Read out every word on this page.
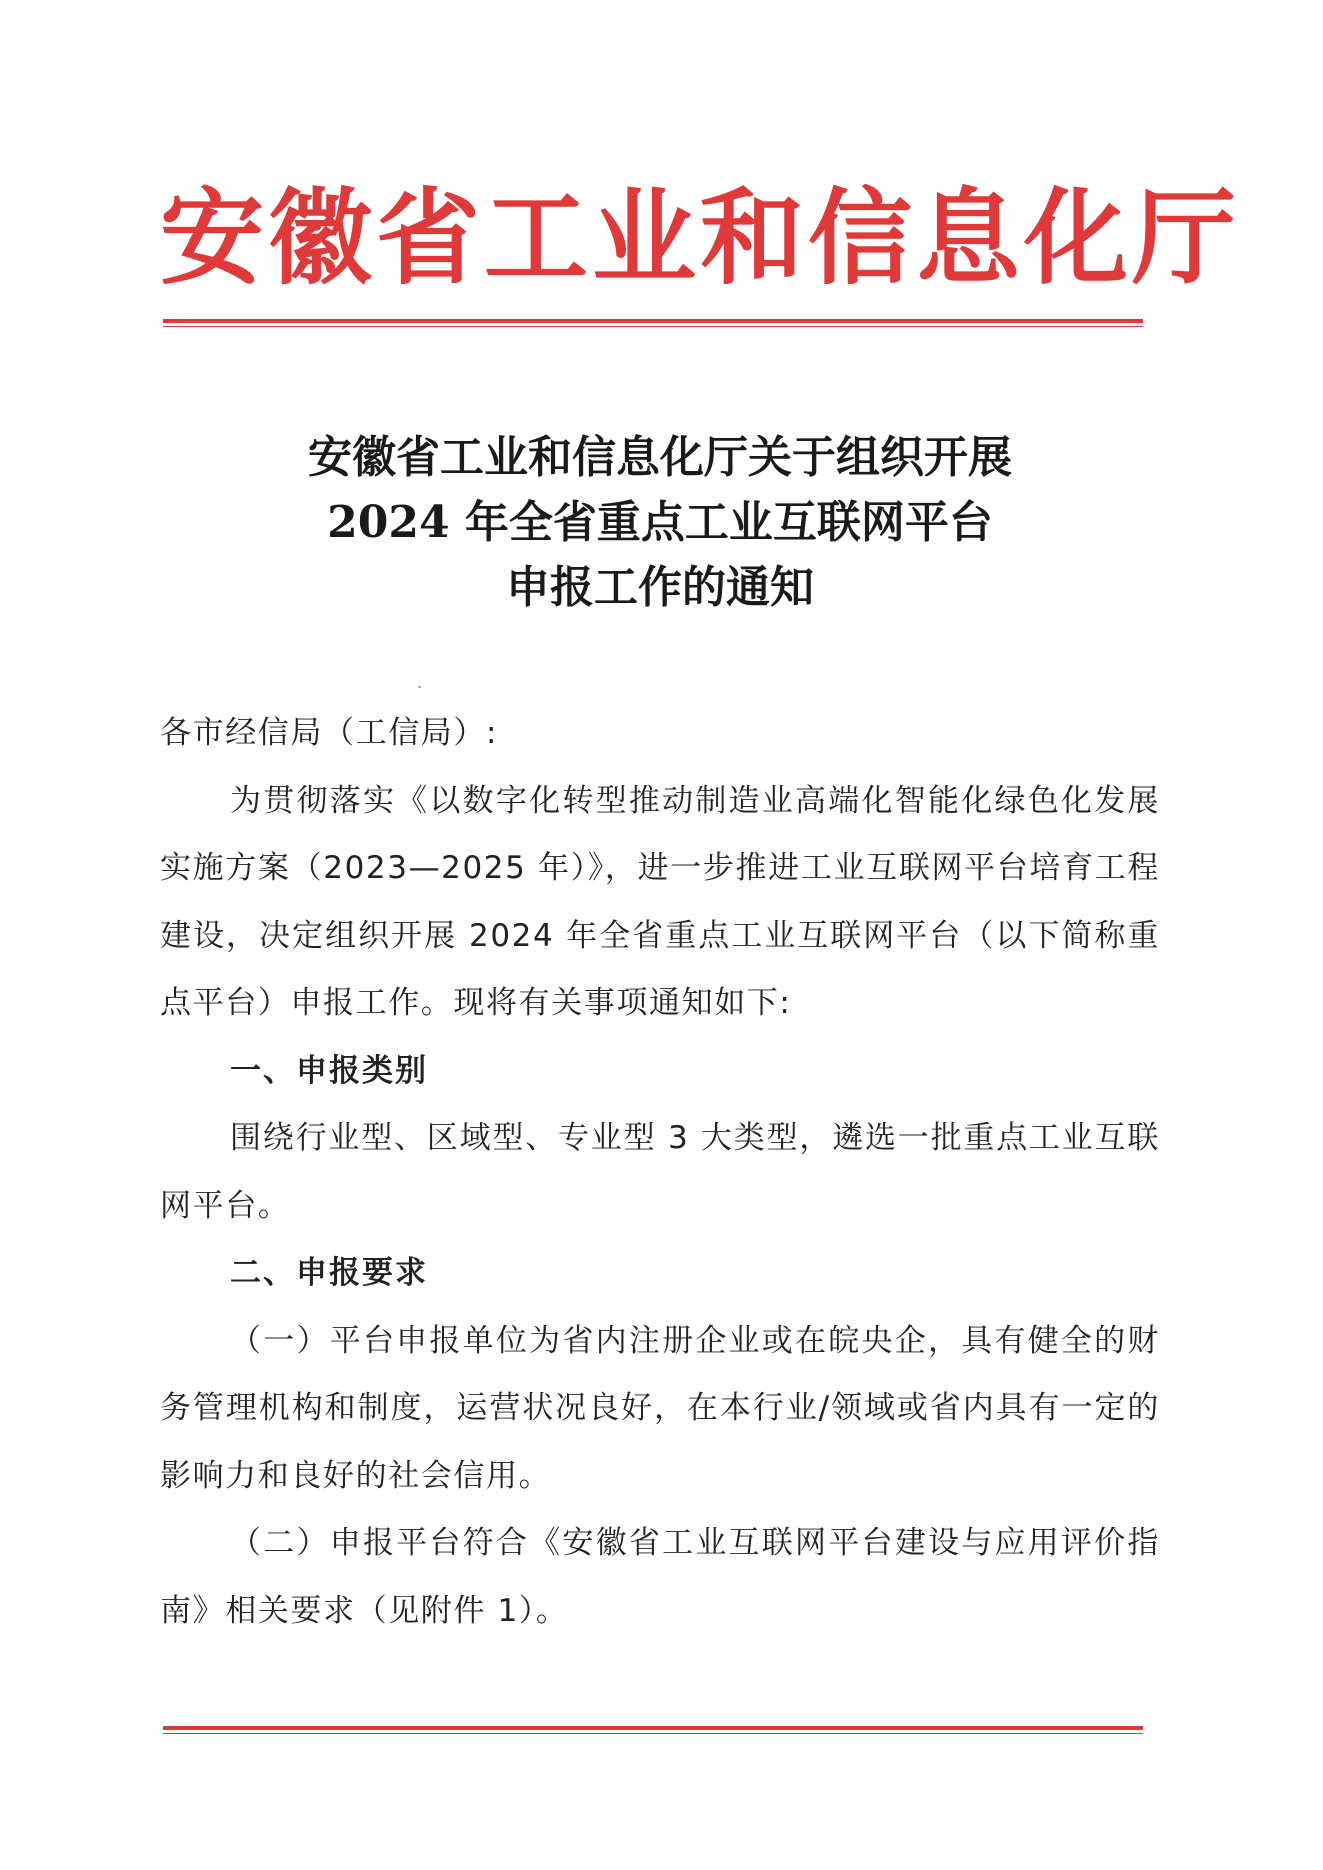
安徽省工业和信息化厅
安徽省工业和信息化厅关于组织开展
2024 年全省重点工业互联网平台
申报工作的通知

各市经信局（工信局）:

为贯彻落实《以数字化转型推动制造业高端化智能化绿色化发展实施方案（2023—2025 年）》，进一步推进工业互联网平台培育工程建设，决定组织开展 2024 年全省重点工业互联网平台（以下简称重点平台）申报工作。现将有关事项通知如下:

一、申报类别

围绕行业型、区域型、专业型 3 大类型，遴选一批重点工业互联网平台。

二、申报要求

（一）平台申报单位为省内注册企业或在皖央企，具有健全的财务管理机构和制度，运营状况良好，在本行业/领域或省内具有一定的影响力和良好的社会信用。

（二）申报平台符合《安徽省工业互联网平台建设与应用评价指南》相关要求（见附件 1）。
